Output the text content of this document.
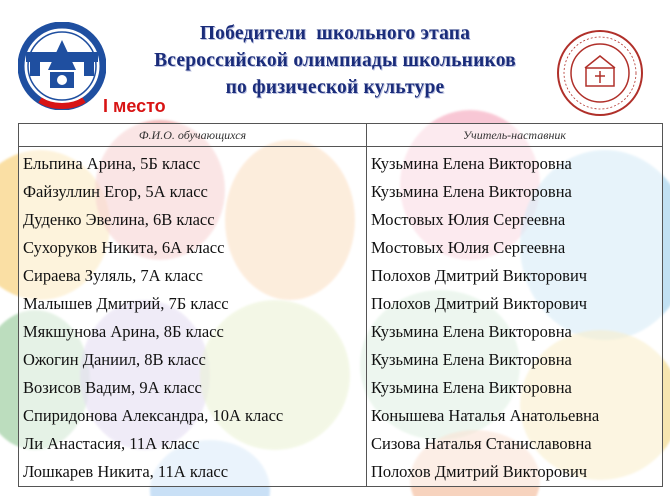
Победители  школьного этапа
Всероссийской олимпиады школьников
по физической культуре
I место
Ф.И.О. обучающихся	Учитель-наставник
Ельпина Арина, 5Б класс	Кузьмина Елена Викторовна
Файзуллин Егор, 5А класс	Кузьмина Елена Викторовна
Дуденко Эвелина, 6В класс	Мостовых Юлия Сергеевна
Сухоруков Никита, 6А класс	Мостовых Юлия Сергеевна
Сираева Зуляль, 7А класс	Полохов Дмитрий Викторович
Малышев Дмитрий, 7Б класс	Полохов Дмитрий Викторович
Мякшунова Арина, 8Б класс	Кузьмина Елена Викторовна
Ожогин Даниил, 8В класс	Кузьмина Елена Викторовна
Возисов Вадим, 9А класс	Кузьмина Елена Викторовна
Спиридонова Александра, 10А класс	Конышева Наталья Анатольевна
Ли Анастасия, 11А класс	Сизова Наталья Станиславовна
Лошкарев Никита, 11А класс	Полохов Дмитрий Викторович
